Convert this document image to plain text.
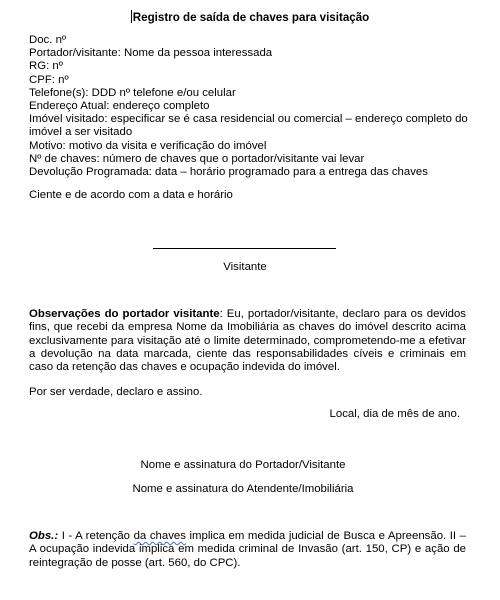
Registro de saída de chaves para visitação
Doc. nº
Portador/visitante: Nome da pessoa interessada
RG: nº
CPF: nº
Telefone(s): DDD nº telefone e/ou celular
Endereço Atual: endereço completo
Imóvel visitado: especificar se é casa residencial ou comercial – endereço completo do imóvel a ser visitado
Motivo: motivo da visita e verificação do imóvel
Nº de chaves: número de chaves que o portador/visitante vai levar
Devolução Programada: data – horário programado para a entrega das chaves
Ciente e de acordo com a data e horário
Visitante
Observações do portador visitante: Eu, portador/visitante, declaro para os devidos fins, que recebi da empresa Nome da Imobiliária as chaves do imóvel descrito acima exclusivamente para visitação até o limite determinado, comprometendo-me a efetivar a devolução na data marcada, ciente das responsabilidades cíveis e criminais em caso da retenção das chaves e ocupação indevida do imóvel.
Por ser verdade, declaro e assino.
Local, dia de mês de ano.
Nome e assinatura do Portador/Visitante
Nome e assinatura do Atendente/Imobiliária
Obs.: I - A retenção da chaves implica em medida judicial de Busca e Apreensão. II – A ocupação indevida implica em medida criminal de Invasão (art. 150, CP) e ação de reintegração de posse (art. 560, do CPC).
